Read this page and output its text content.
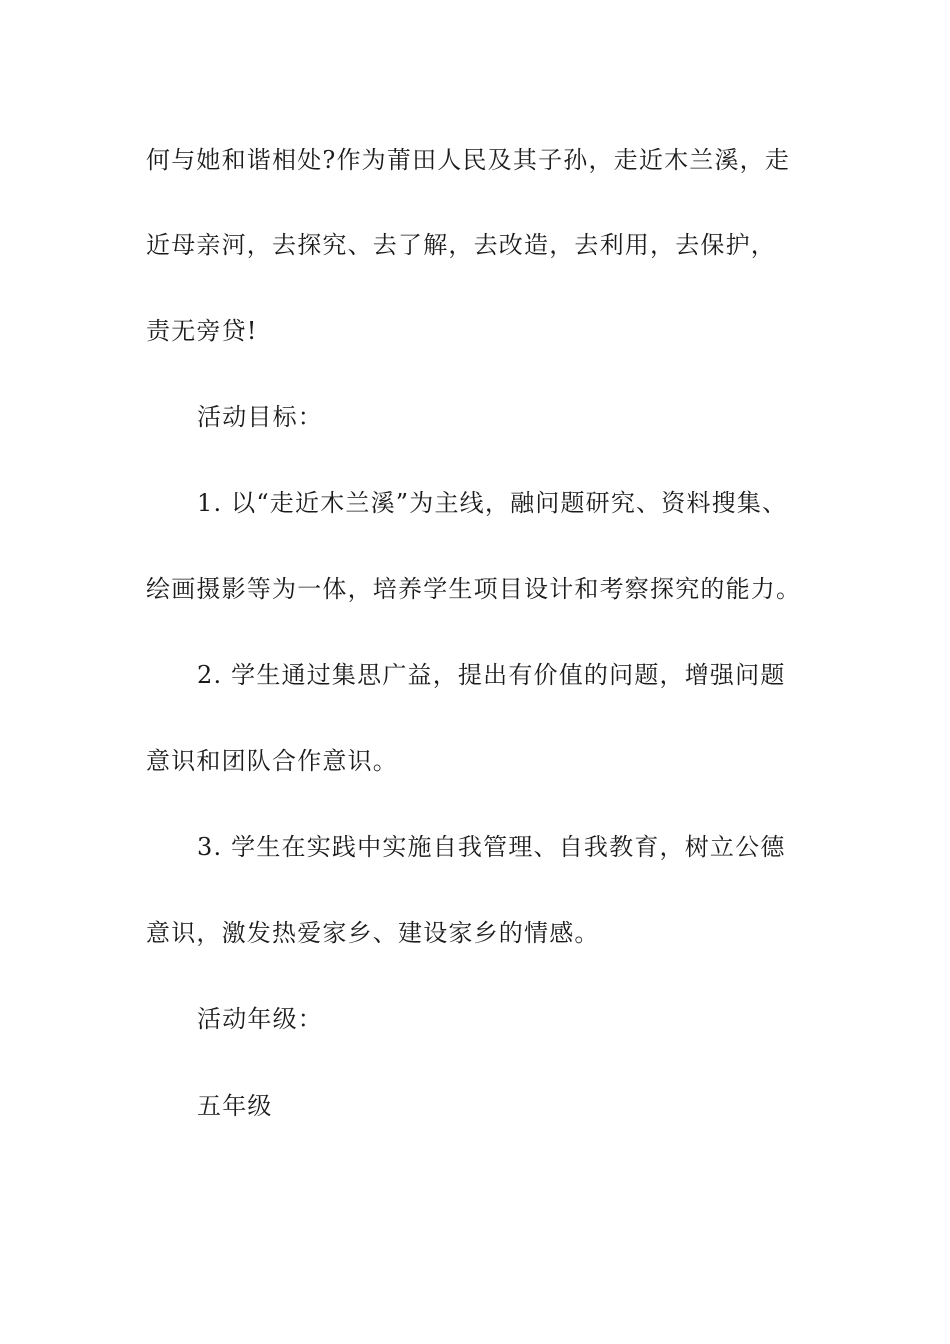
何与她和谐相处?作为莆田人民及其子孙，走近木兰溪，走
近母亲河，去探究、去了解，去改造，去利用，去保护，
责无旁贷!
活动目标：
1. 以“走近木兰溪”为主线，融问题研究、资料搜集、
绘画摄影等为一体，培养学生项目设计和考察探究的能力。
2. 学生通过集思广益，提出有价值的问题，增强问题
意识和团队合作意识。
3. 学生在实践中实施自我管理、自我教育，树立公德
意识，激发热爱家乡、建设家乡的情感。
活动年级：
五年级
